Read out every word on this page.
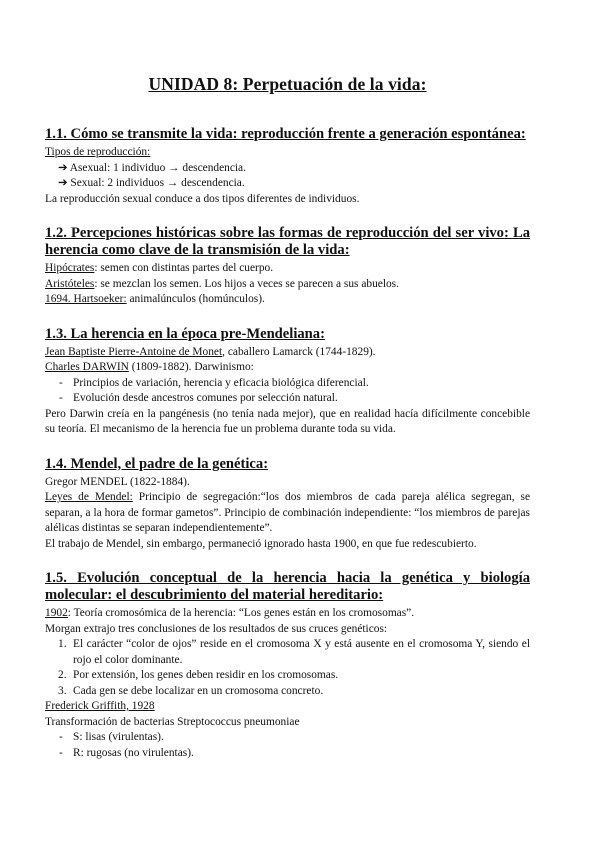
UNIDAD 8: Perpetuación de la vida:
1.1. Cómo se transmite la vida: reproducción frente a generación espontánea:

Tipos de reproducción:

➔ Asexual: 1 individuo → descendencia.

➔ Sexual: 2 individuos → descendencia.

La reproducción sexual conduce a dos tipos diferentes de individuos.

1.2. Percepciones históricas sobre las formas de reproducción del ser vivo: La herencia como clave de la transmisión de la vida:

Hipócrates: semen con distintas partes del cuerpo.

Aristóteles: se mezclan los semen. Los hijos a veces se parecen a sus abuelos.

1694. Hartsoeker: animalúnculos (homúnculos).

1.3. La herencia en la época pre-Mendeliana:

Jean Baptiste Pierre-Antoine de Monet, caballero Lamarck (1744-1829).

Charles DARWIN (1809-1882). Darwinismo:

- Principios de variación, herencia y eficacia biológica diferencial.
- Evolución desde ancestros comunes por selección natural.

Pero Darwin creía en la pangénesis (no tenía nada mejor), que en realidad hacía difícilmente concebible su teoría. El mecanismo de la herencia fue un problema durante toda su vida.

1.4. Mendel, el padre de la genética:

Gregor MENDEL (1822-1884).

Leyes de Mendel: Principio de segregación:“los dos miembros de cada pareja alélica segregan, se separan, a la hora de formar gametos”. Principio de combinación independiente: “los miembros de parejas alélicas distintas se separan independientemente”.

El trabajo de Mendel, sin embargo, permaneció ignorado hasta 1900, en que fue redescubierto.

1.5. Evolución conceptual de la herencia hacia la genética y biología molecular: el descubrimiento del material hereditario:

1902: Teoría cromosómica de la herencia: “Los genes están en los cromosomas”.

Morgan extrajo tres conclusiones de los resultados de sus cruces genéticos:

1. El carácter “color de ojos” reside en el cromosoma X y está ausente en el cromosoma Y, siendo el rojo el color dominante.
2. Por extensión, los genes deben residir en los cromosomas.
3. Cada gen se debe localizar en un cromosoma concreto.

Frederick Griffith, 1928

Transformación de bacterias Streptococcus pneumoniae

- S: lisas (virulentas).
- R: rugosas (no virulentas).
